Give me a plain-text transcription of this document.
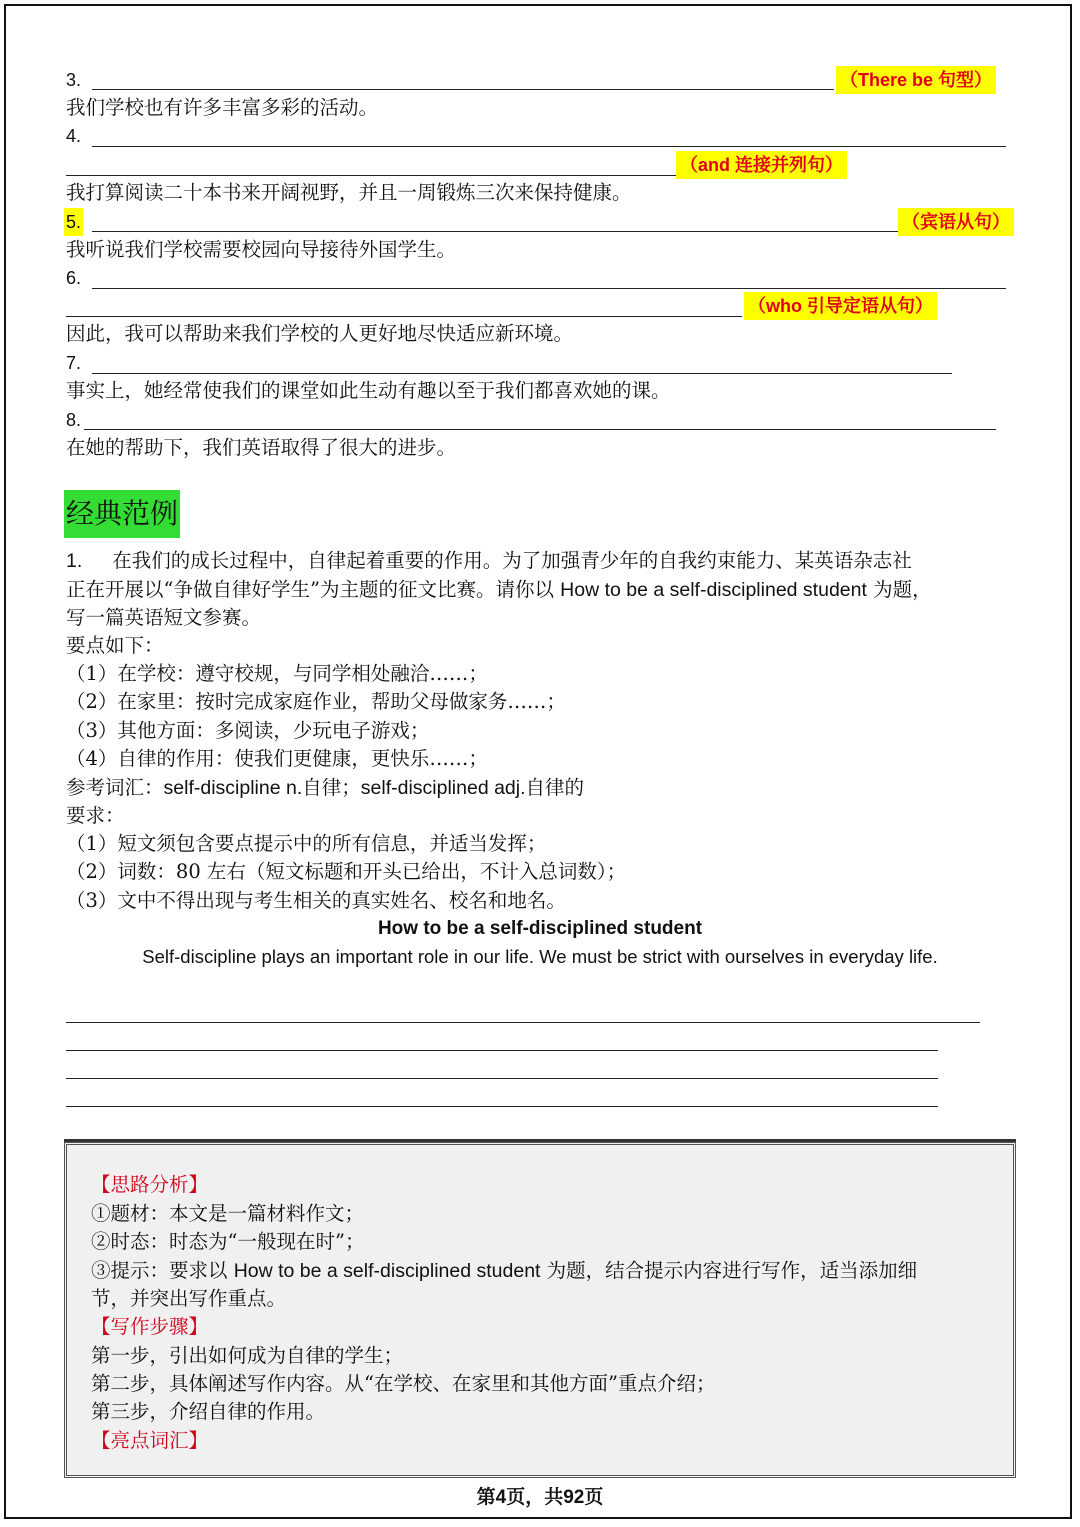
3.	（There be 句型）
我们学校也有许多丰富多彩的活动。
4.
（and 连接并列句）
我打算阅读二十本书来开阔视野，并且一周锻炼三次来保持健康。
5.	（宾语从句）
我听说我们学校需要校园向导接待外国学生。
6.
（who 引导定语从句）
因此，我可以帮助来我们学校的人更好地尽快适应新环境。
7.
事实上，她经常使我们的课堂如此生动有趣以至于我们都喜欢她的课。
8.
在她的帮助下，我们英语取得了很大的进步。
经典范例
1. 在我们的成长过程中，自律起着重要的作用。为了加强青少年的自我约束能力、某英语杂志社
正在开展以“争做自律好学生”为主题的征文比赛。请你以 How to be a self-disciplined student 为题，
写一篇英语短文参赛。
要点如下：
（1）在学校：遵守校规，与同学相处融洽……；
（2）在家里：按时完成家庭作业，帮助父母做家务……；
（3）其他方面：多阅读，少玩电子游戏；
（4）自律的作用：使我们更健康，更快乐……；
参考词汇：self-discipline n.自律；self-disciplined adj.自律的
要求：
（1）短文须包含要点提示中的所有信息，并适当发挥；
（2）词数：80 左右（短文标题和开头已给出，不计入总词数）；
（3）文中不得出现与考生相关的真实姓名、校名和地名。
How to be a self-disciplined student
Self-discipline plays an important role in our life. We must be strict with ourselves in everyday life.
【思路分析】
①题材：本文是一篇材料作文；
②时态：时态为“一般现在时”；
③提示：要求以 How to be a self-disciplined student 为题，结合提示内容进行写作，适当添加细
节，并突出写作重点。
【写作步骤】
第一步，引出如何成为自律的学生；
第二步，具体阐述写作内容。从“在学校、在家里和其他方面”重点介绍；
第三步，介绍自律的作用。
【亮点词汇】
第4页，共92页
